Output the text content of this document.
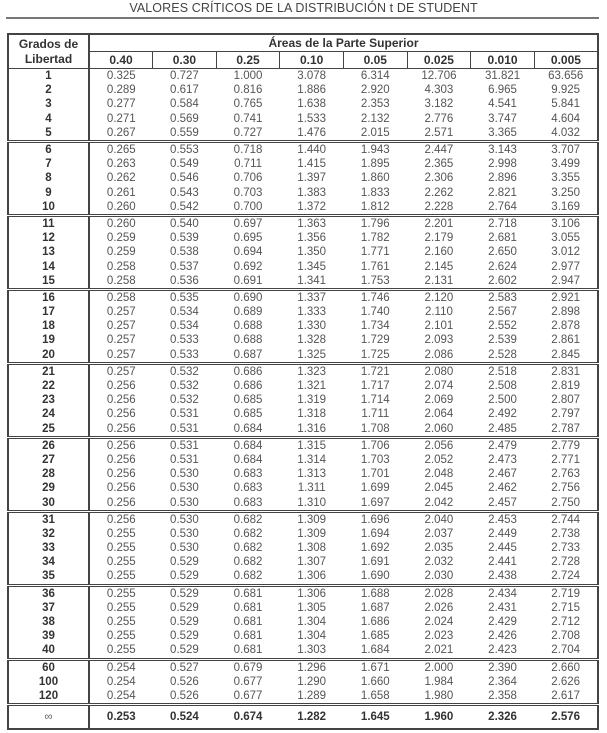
VALORES CRÍTICOS DE LA DISTRIBUCIÓN t DE STUDENT
Grados de
Libertad	Áreas de la Parte Superior							
	0.40	0.30	0.25	0.10	0.05	0.025	0.010	0.005
1	0.325	0.727	1.000	3.078	6.314	12.706	31.821	63.656
2	0.289	0.617	0.816	1.886	2.920	4.303	6.965	9.925
3	0.277	0.584	0.765	1.638	2.353	3.182	4.541	5.841
4	0.271	0.569	0.741	1.533	2.132	2.776	3.747	4.604
5	0.267	0.559	0.727	1.476	2.015	2.571	3.365	4.032
6	0.265	0.553	0.718	1.440	1.943	2.447	3.143	3.707
7	0.263	0.549	0.711	1.415	1.895	2.365	2.998	3.499
8	0.262	0.546	0.706	1.397	1.860	2.306	2.896	3.355
9	0.261	0.543	0.703	1.383	1.833	2.262	2.821	3.250
10	0.260	0.542	0.700	1.372	1.812	2.228	2.764	3.169
11	0.260	0.540	0.697	1.363	1.796	2.201	2.718	3.106
12	0.259	0.539	0.695	1.356	1.782	2.179	2.681	3.055
13	0.259	0.538	0.694	1.350	1.771	2.160	2.650	3.012
14	0.258	0.537	0.692	1.345	1.761	2.145	2.624	2.977
15	0.258	0.536	0.691	1.341	1.753	2.131	2.602	2.947
16	0.258	0.535	0.690	1.337	1.746	2.120	2.583	2.921
17	0.257	0.534	0.689	1.333	1.740	2.110	2.567	2.898
18	0.257	0.534	0.688	1.330	1.734	2.101	2.552	2.878
19	0.257	0.533	0.688	1.328	1.729	2.093	2.539	2.861
20	0.257	0.533	0.687	1.325	1.725	2.086	2.528	2.845
21	0.257	0.532	0.686	1.323	1.721	2.080	2.518	2.831
22	0.256	0.532	0.686	1.321	1.717	2.074	2.508	2.819
23	0.256	0.532	0.685	1.319	1.714	2.069	2.500	2.807
24	0.256	0.531	0.685	1.318	1.711	2.064	2.492	2.797
25	0.256	0.531	0.684	1.316	1.708	2.060	2.485	2.787
26	0.256	0.531	0.684	1.315	1.706	2.056	2.479	2.779
27	0.256	0.531	0.684	1.314	1.703	2.052	2.473	2.771
28	0.256	0.530	0.683	1.313	1.701	2.048	2.467	2.763
29	0.256	0.530	0.683	1.311	1.699	2.045	2.462	2.756
30	0.256	0.530	0.683	1.310	1.697	2.042	2.457	2.750
31	0.256	0.530	0.682	1.309	1.696	2.040	2.453	2.744
32	0.255	0.530	0.682	1.309	1.694	2.037	2.449	2.738
33	0.255	0.530	0.682	1.308	1.692	2.035	2.445	2.733
34	0.255	0.529	0.682	1.307	1.691	2.032	2.441	2.728
35	0.255	0.529	0.682	1.306	1.690	2.030	2.438	2.724
36	0.255	0.529	0.681	1.306	1.688	2.028	2.434	2.719
37	0.255	0.529	0.681	1.305	1.687	2.026	2.431	2.715
38	0.255	0.529	0.681	1.304	1.686	2.024	2.429	2.712
39	0.255	0.529	0.681	1.304	1.685	2.023	2.426	2.708
40	0.255	0.529	0.681	1.303	1.684	2.021	2.423	2.704
60	0.254	0.527	0.679	1.296	1.671	2.000	2.390	2.660
100	0.254	0.526	0.677	1.290	1.660	1.984	2.364	2.626
120	0.254	0.526	0.677	1.289	1.658	1.980	2.358	2.617
∞	0.253	0.524	0.674	1.282	1.645	1.960	2.326	2.576
